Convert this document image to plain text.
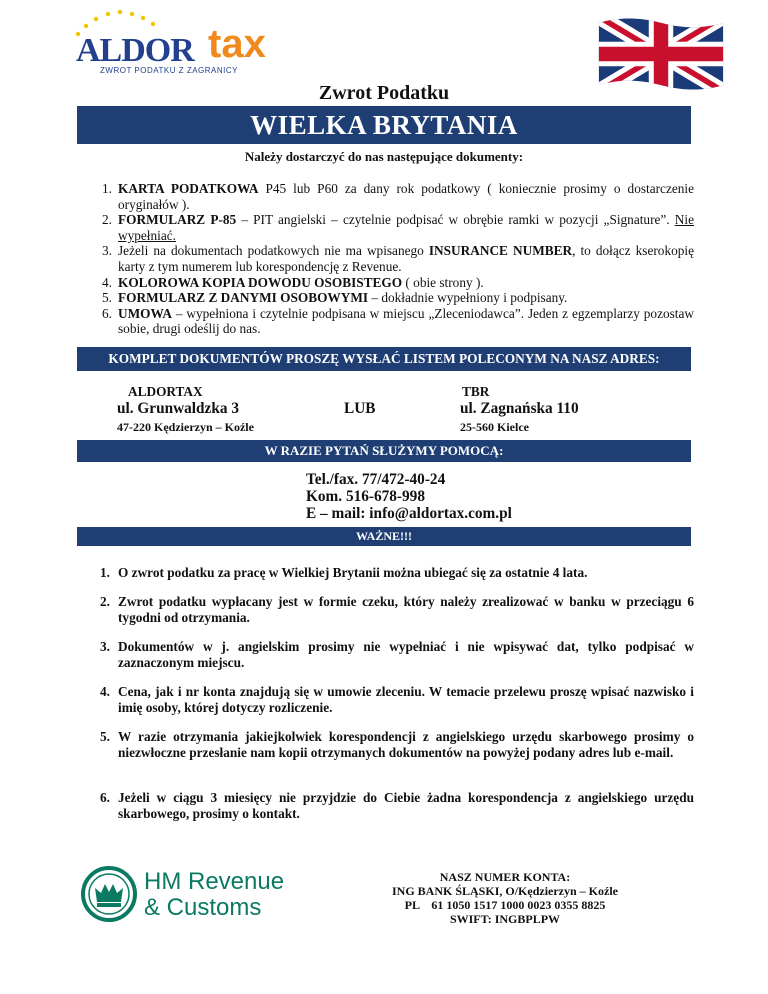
ALDOR tax
ZWROT PODATKU Z ZAGRANICY
Zwrot Podatku
WIELKA BRYTANIA
Należy dostarczyć do nas następujące dokumenty:
1. KARTA PODATKOWA P45 lub P60 za dany rok podatkowy ( koniecznie prosimy o dostarczenie oryginałów ).
2. FORMULARZ P-85 – PIT angielski – czytelnie podpisać w obrębie ramki w pozycji „Signature”. Nie wypełniać.
3. Jeżeli na dokumentach podatkowych nie ma wpisanego INSURANCE NUMBER, to dołącz kserokopię karty z tym numerem lub korespondencję z Revenue.
4. KOLOROWA KOPIA DOWODU OSOBISTEGO ( obie strony ).
5. FORMULARZ Z DANYMI OSOBOWYMI – dokładnie wypełniony i podpisany.
6. UMOWA – wypełniona i czytelnie podpisana w miejscu „Zleceniodawca”. Jeden z egzemplarzy pozostaw sobie, drugi odeślij do nas.
KOMPLET DOKUMENTÓW PROSZĘ WYSŁAĆ LISTEM POLECONYM NA NASZ ADRES:
ALDORTAX
ul. Grunwaldzka 3
47-220 Kędzierzyn – Koźle
LUB
TBR
ul. Zagnańska 110
25-560 Kielce
W RAZIE PYTAŃ SŁUŻYMY POMOCĄ:
Tel./fax. 77/472-40-24
Kom. 516-678-998
E – mail: info@aldortax.com.pl
WAŻNE!!!
1. O zwrot podatku za pracę w Wielkiej Brytanii można ubiegać się za ostatnie 4 lata.
2. Zwrot podatku wypłacany jest w formie czeku, który należy zrealizować w banku w przeciągu 6 tygodni od otrzymania.
3. Dokumentów w j. angielskim prosimy nie wypełniać i nie wpisywać dat, tylko podpisać w zaznaczonym miejscu.
4. Cena, jak i nr konta znajdują się w umowie zleceniu. W temacie przelewu proszę wpisać nazwisko i imię osoby, której dotyczy rozliczenie.
5. W razie otrzymania jakiejkolwiek korespondencji z angielskiego urzędu skarbowego prosimy o niezwłoczne przesłanie nam kopii otrzymanych dokumentów na powyżej podany adres lub e-mail.
6. Jeżeli w ciągu 3 miesięcy nie przyjdzie do Ciebie żadna korespondencja z angielskiego urzędu skarbowego, prosimy o kontakt.
HM Revenue
& Customs
NASZ NUMER KONTA:
ING BANK ŚLĄSKI, O/Kędzierzyn – Koźle
PL    61 1050 1517 1000 0023 0355 8825
SWIFT: INGBPLPW
